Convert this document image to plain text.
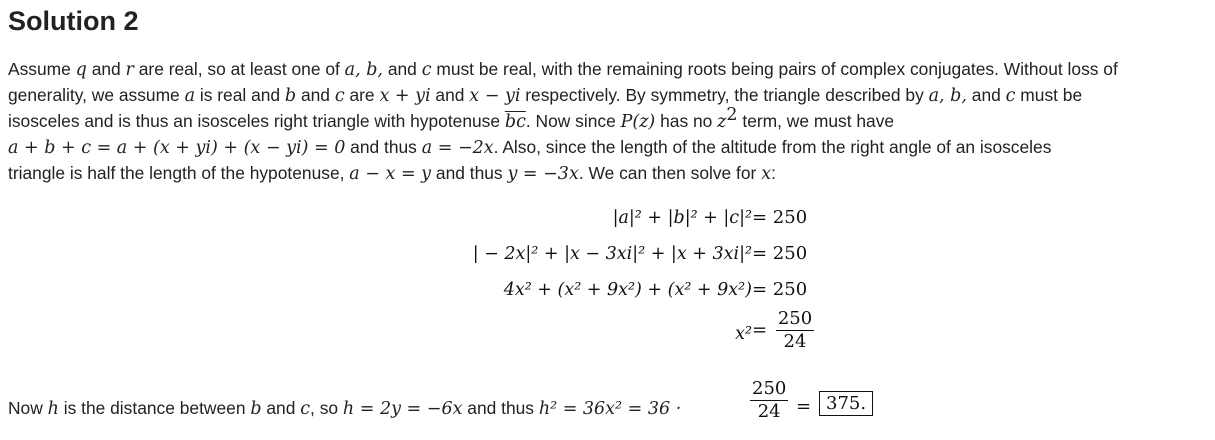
Solution 2
Assume q and r are real, so at least one of a, b, and c must be real, with the remaining roots being pairs of complex conjugates. Without loss of
generality, we assume a is real and b and c are x + yi and x − yi respectively. By symmetry, the triangle described by a, b, and c must be
isosceles and is thus an isosceles right triangle with hypotenuse $\overline{bc}$. Now since P(z) has no $z^2$ term, we must have
a + b + c = a + (x + yi) + (x − yi) = 0 and thus a = −2x. Also, since the length of the altitude from the right angle of an isosceles
triangle is half the length of the hypotenuse, a − x = y and thus y = −3x. We can then solve for x:
|a|² + |b|² + |c|² = 250
| − 2x|² + |x − 3xi|² + |x + 3xi|² = 250
4x² + (x² + 9x²) + (x² + 9x²) = 250
$x^2 = \frac{250}{24}$
Now h is the distance between b and c, so h = 2y = −6x and thus h² = 36x² = 36 ·	$\frac{250}{24} = 375$.
